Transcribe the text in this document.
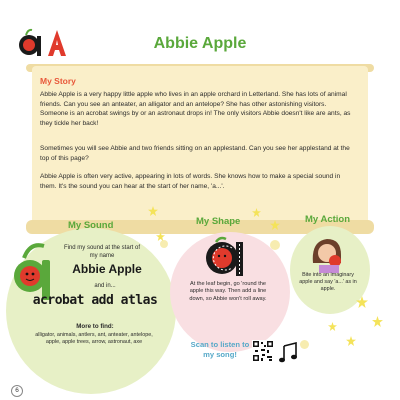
Abbie Apple
My Story
Abbie Apple is a very happy little apple who lives in an apple orchard in Letterland. She has lots of animal friends. Can you see an anteater, an alligator and an antelope? She has other astonishing visitors. Someone is an acrobat swings by or an astronaut drops in! The only visitors Abbie doesn't like are ants, as they tickle her back!
Sometimes you will see Abbie and two friends sitting on an applestand. Can you see her applestand at the top of this page?
Abbie Apple is often very active, appearing in lots of words. She knows how to make a special sound in them. It's the sound you can hear at the start of her name, 'a...'.
My Sound	My Shape	My Action
Find my sound at the start of my name
Abbie Apple
and in...
acrobat add atlas
More to find:
alligator, animals, antlers, ant, anteater, antelope, apple, apple trees, arrow, astronaut, axe
At the leaf begin, go 'round the apple this way. Then add a line down, so Abbie won't roll away.
Bite into an imaginary apple and say 'a...' as in apple.
Scan to listen to my song!
6
